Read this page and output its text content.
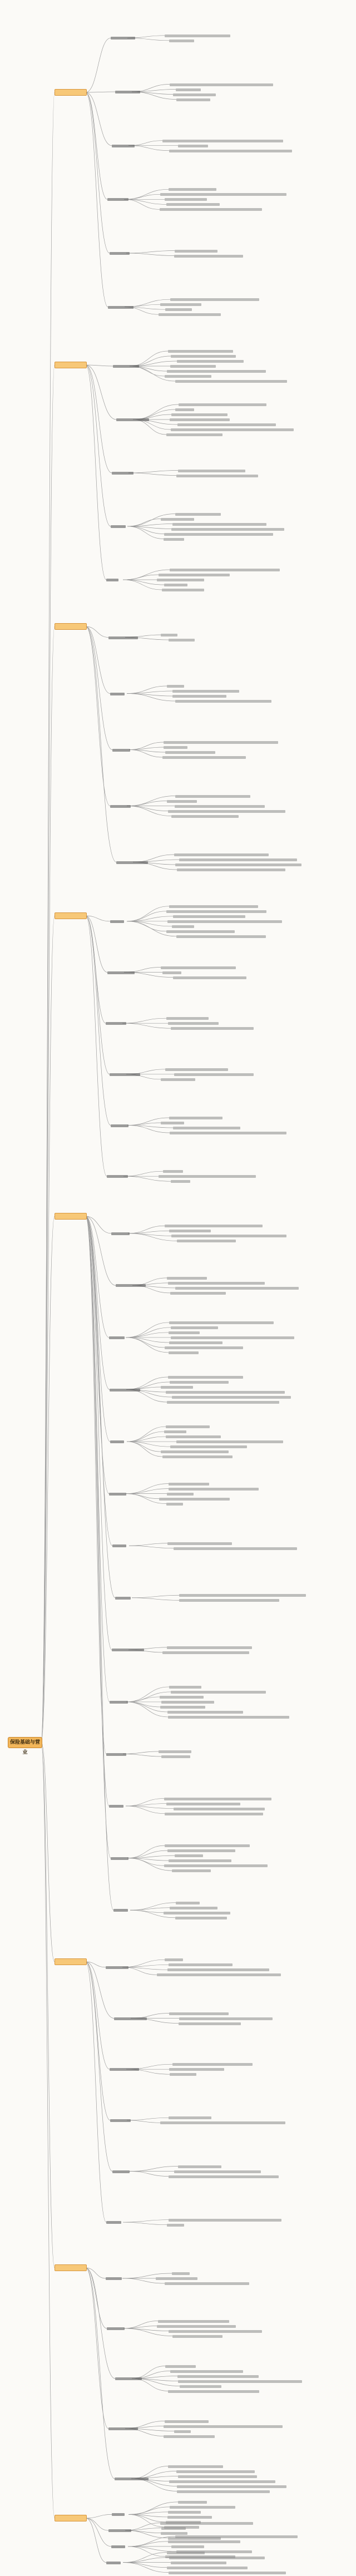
保险基础与营业
